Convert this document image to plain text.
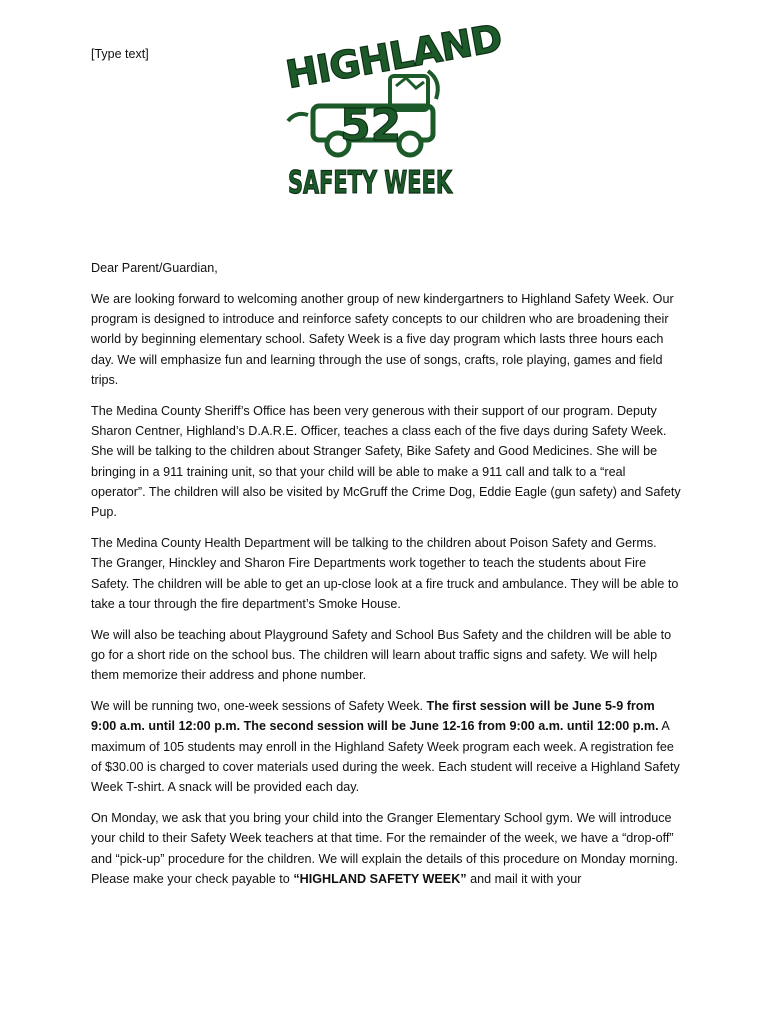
[Type text]	HIGHLAND
52
SAFETY WEEK

Dear Parent/Guardian,

We are looking forward to welcoming another group of new kindergartners to Highland Safety Week. Our program is designed to introduce and reinforce safety concepts to our children who are broadening their world by beginning elementary school. Safety Week is a five day program which lasts three hours each day. We will emphasize fun and learning through the use of songs, crafts, role playing, games and field trips.

The Medina County Sheriff’s Office has been very generous with their support of our program. Deputy Sharon Centner, Highland’s D.A.R.E. Officer, teaches a class each of the five days during Safety Week. She will be talking to the children about Stranger Safety, Bike Safety and Good Medicines. She will be bringing in a 911 training unit, so that your child will be able to make a 911 call and talk to a “real operator”. The children will also be visited by McGruff the Crime Dog, Eddie Eagle (gun safety) and Safety Pup.

The Medina County Health Department will be talking to the children about Poison Safety and Germs. The Granger, Hinckley and Sharon Fire Departments work together to teach the students about Fire Safety. The children will be able to get an up-close look at a fire truck and ambulance. They will be able to take a tour through the fire department’s Smoke House.

We will also be teaching about Playground Safety and School Bus Safety and the children will be able to go for a short ride on the school bus. The children will learn about traffic signs and safety. We will help them memorize their address and phone number.

We will be running two, one-week sessions of Safety Week. The first session will be June 5-9 from 9:00 a.m. until 12:00 p.m. The second session will be June 12-16 from 9:00 a.m. until 12:00 p.m. A maximum of 105 students may enroll in the Highland Safety Week program each week. A registration fee of $30.00 is charged to cover materials used during the week. Each student will receive a Highland Safety Week T-shirt. A snack will be provided each day.

On Monday, we ask that you bring your child into the Granger Elementary School gym. We will introduce your child to their Safety Week teachers at that time. For the remainder of the week, we have a “drop-off” and “pick-up” procedure for the children. We will explain the details of this procedure on Monday morning. Please make your check payable to “HIGHLAND SAFETY WEEK” and mail it with your
